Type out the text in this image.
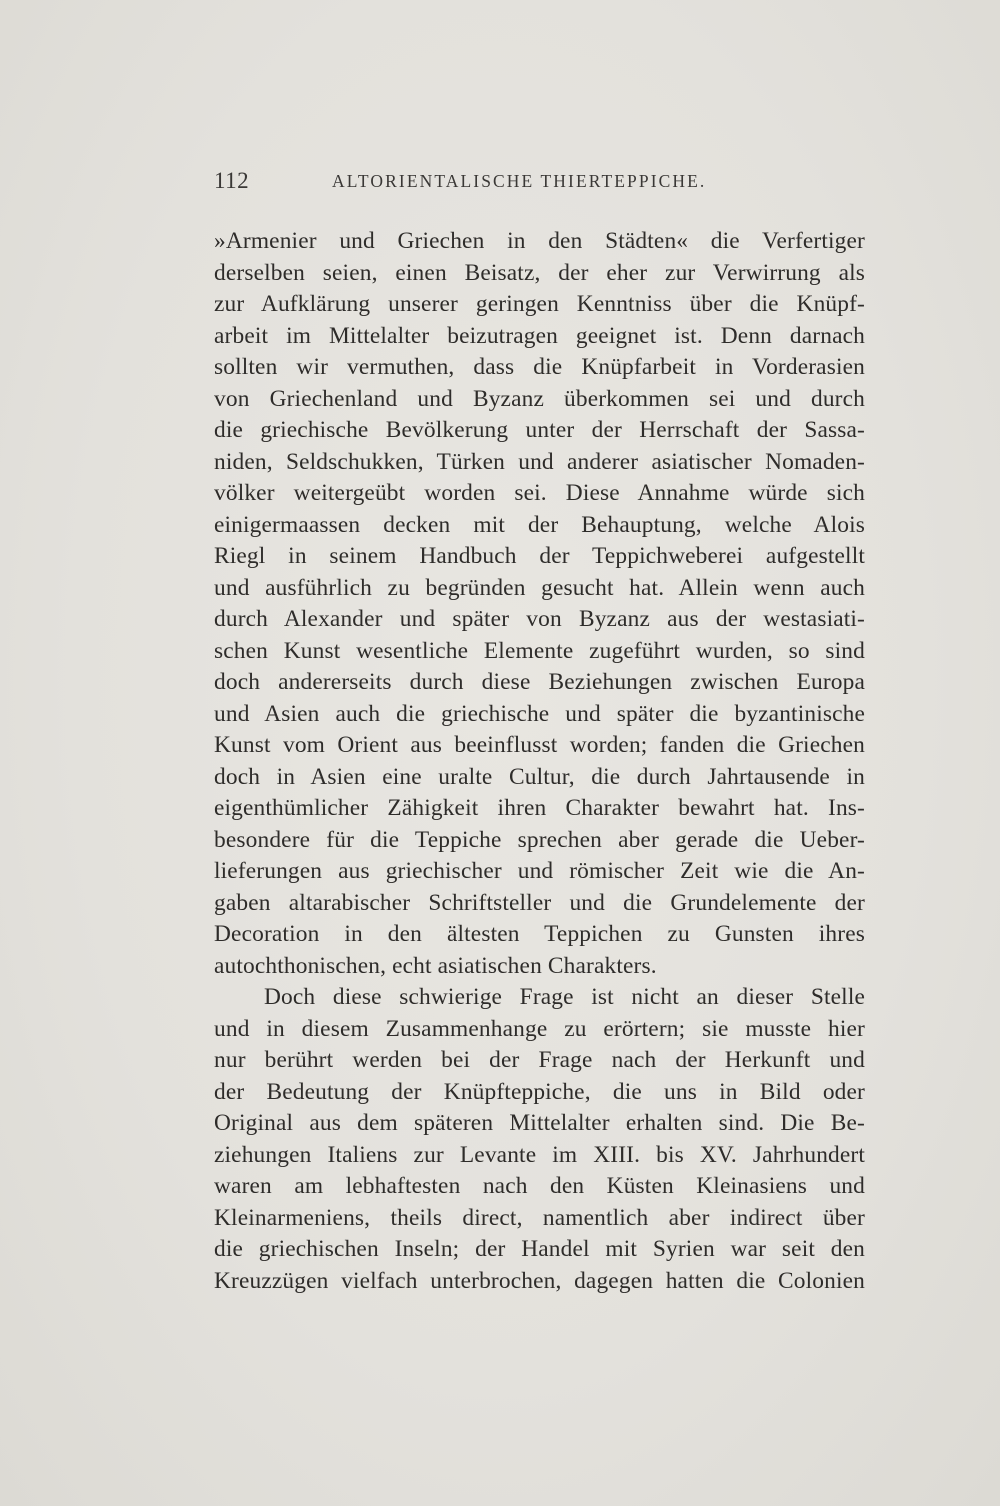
112	ALTORIENTALISCHE THIERTEPPICHE.
»Armenier und Griechen in den Städten« die Verfertiger
derselben seien, einen Beisatz, der eher zur Verwirrung als
zur Aufklärung unserer geringen Kenntniss über die Knüpf-
arbeit im Mittelalter beizutragen geeignet ist. Denn darnach
sollten wir vermuthen, dass die Knüpfarbeit in Vorderasien
von Griechenland und Byzanz überkommen sei und durch
die griechische Bevölkerung unter der Herrschaft der Sassa-
niden, Seldschukken, Türken und anderer asiatischer Nomaden-
völker weitergeübt worden sei. Diese Annahme würde sich
einigermaassen decken mit der Behauptung, welche Alois
Riegl in seinem Handbuch der Teppichweberei aufgestellt
und ausführlich zu begründen gesucht hat. Allein wenn auch
durch Alexander und später von Byzanz aus der westasiati-
schen Kunst wesentliche Elemente zugeführt wurden, so sind
doch andererseits durch diese Beziehungen zwischen Europa
und Asien auch die griechische und später die byzantinische
Kunst vom Orient aus beeinflusst worden; fanden die Griechen
doch in Asien eine uralte Cultur, die durch Jahrtausende in
eigenthümlicher Zähigkeit ihren Charakter bewahrt hat. Ins-
besondere für die Teppiche sprechen aber gerade die Ueber-
lieferungen aus griechischer und römischer Zeit wie die An-
gaben altarabischer Schriftsteller und die Grundelemente der
Decoration in den ältesten Teppichen zu Gunsten ihres
autochthonischen, echt asiatischen Charakters.
Doch diese schwierige Frage ist nicht an dieser Stelle
und in diesem Zusammenhange zu erörtern; sie musste hier
nur berührt werden bei der Frage nach der Herkunft und
der Bedeutung der Knüpfteppiche, die uns in Bild oder
Original aus dem späteren Mittelalter erhalten sind. Die Be-
ziehungen Italiens zur Levante im XIII. bis XV. Jahrhundert
waren am lebhaftesten nach den Küsten Kleinasiens und
Kleinarmeniens, theils direct, namentlich aber indirect über
die griechischen Inseln; der Handel mit Syrien war seit den
Kreuzzügen vielfach unterbrochen, dagegen hatten die Colonien
